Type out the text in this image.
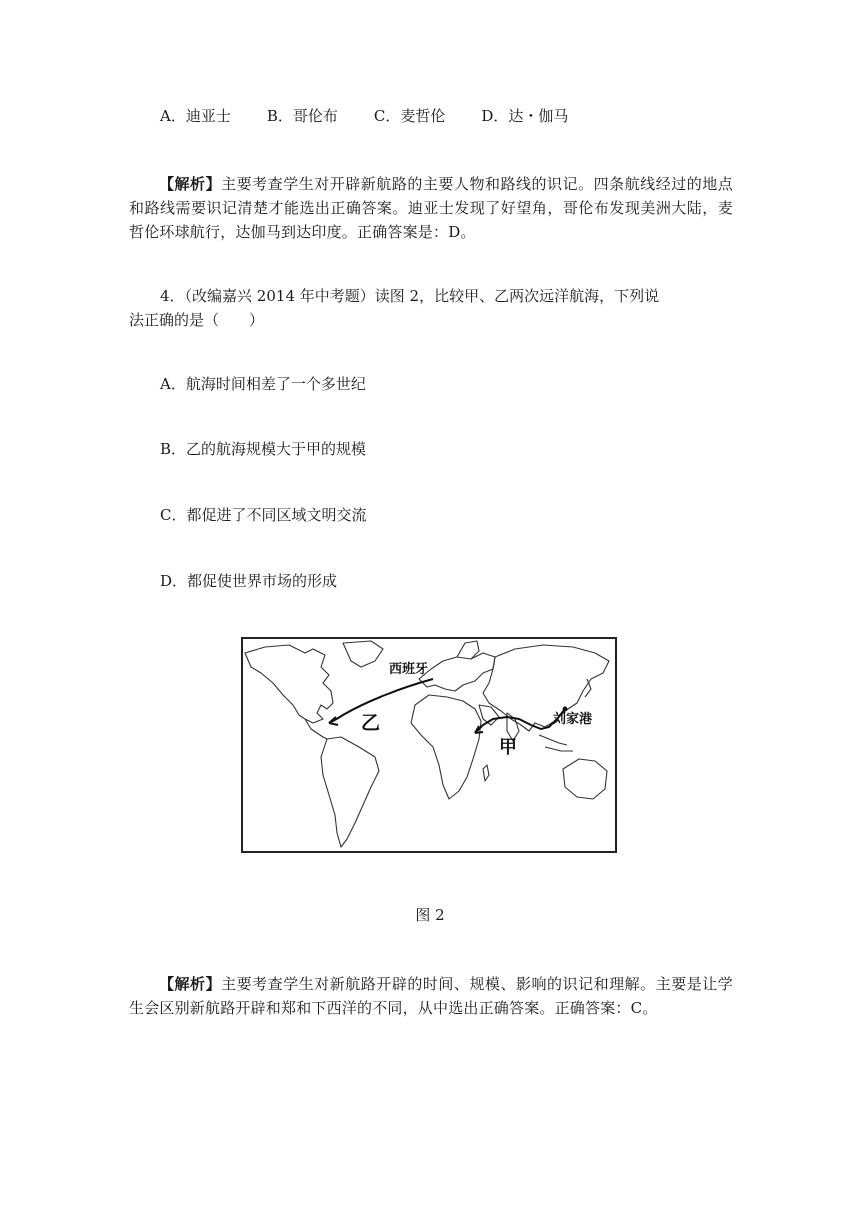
A．迪亚士 B．哥伦布 C．麦哲伦 D．达・伽马
【解析】主要考查学生对开辟新航路的主要人物和路线的识记。四条航线经过的地点和路线需要识记清楚才能选出正确答案。迪亚士发现了好望角，哥伦布发现美洲大陆，麦哲伦环球航行，达伽马到达印度。正确答案是：D。
4．（改编嘉兴 2014 年中考题）读图 2，比较甲、乙两次远洋航海，下列说
法正确的是（　　）
A．航海时间相差了一个多世纪
B．乙的航海规模大于甲的规模
C．都促进了不同区域文明交流
D．都促使世界市场的形成
西班牙
乙
甲
刘家港
图 2
【解析】主要考查学生对新航路开辟的时间、规模、影响的识记和理解。主要是让学生会区别新航路开辟和郑和下西洋的不同，从中选出正确答案。正确答案：C。
